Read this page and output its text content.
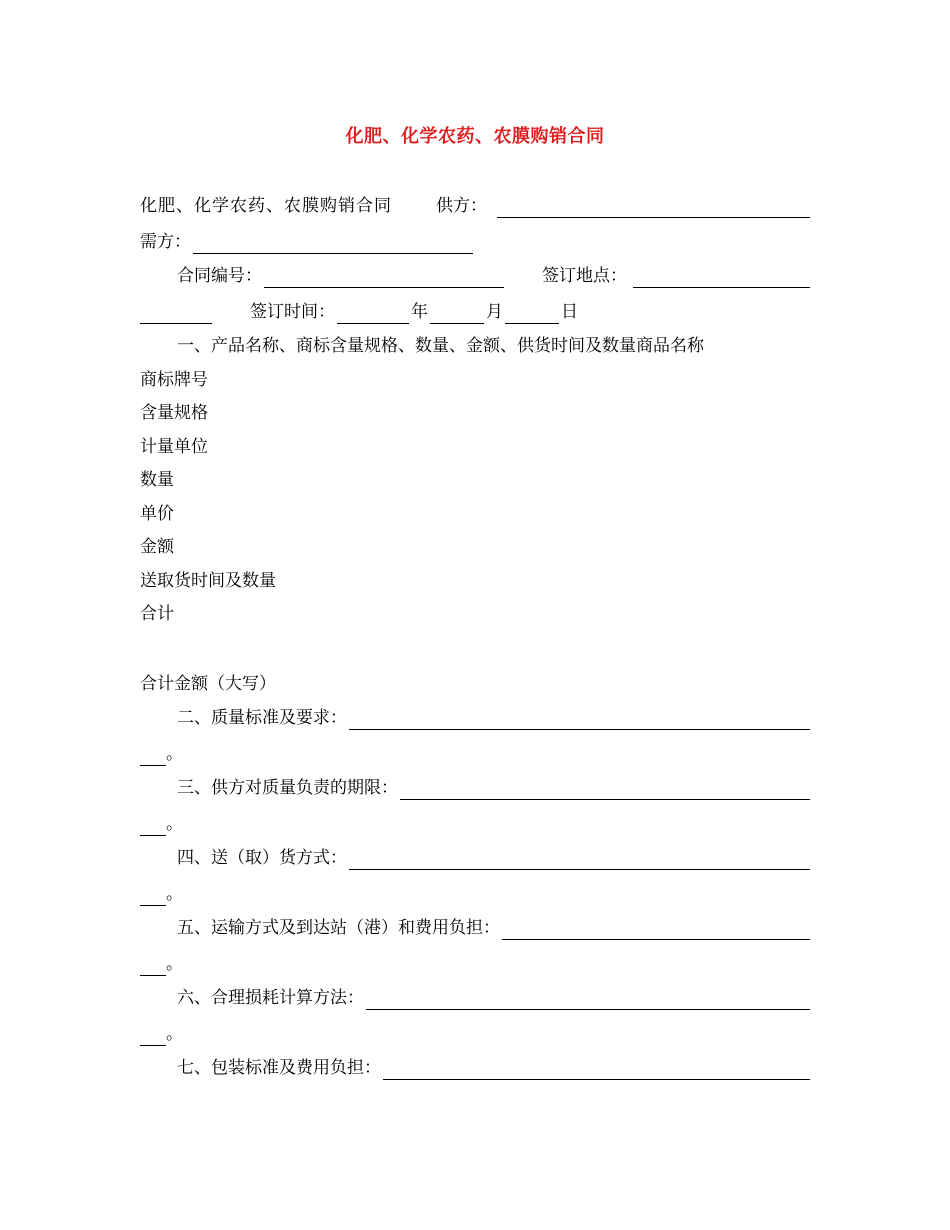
化肥、化学农药、农膜购销合同
化肥、化学农药、农膜购销合同	供方：
需方：
合同编号：	签订地点：
签订时间：	年	月	日
一、产品名称、商标含量规格、数量、金额、供货时间及数量商品名称
商标牌号
含量规格
计量单位
数量
单价
金额
送取货时间及数量
合计
合计金额（大写）
二、质量标准及要求：
。
三、供方对质量负责的期限：
。
四、送（取）货方式：
。
五、运输方式及到达站（港）和费用负担：
。
六、合理损耗计算方法：
。
七、包装标准及费用负担：
